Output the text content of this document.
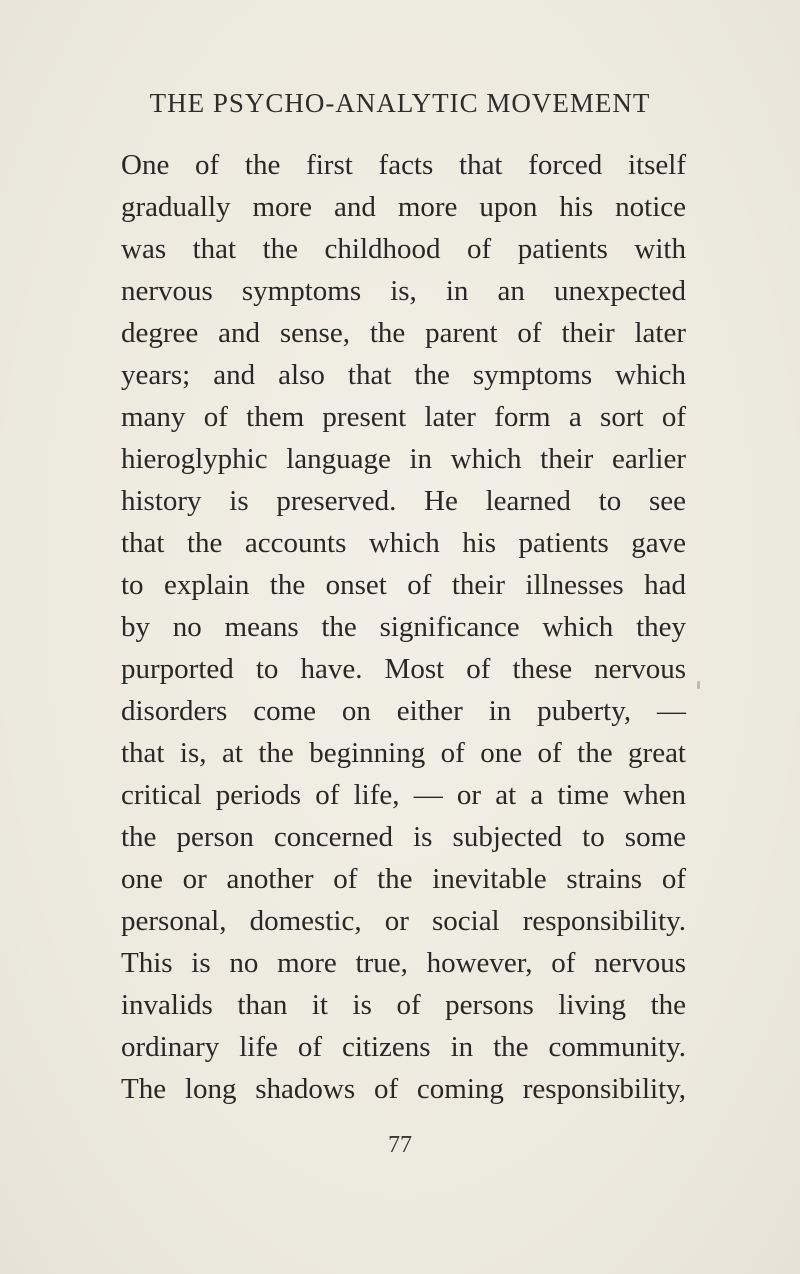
THE PSYCHO-ANALYTIC MOVEMENT
One of the first facts that forced itself
gradually more and more upon his notice
was that the childhood of patients with
nervous symptoms is, in an unexpected
degree and sense, the parent of their later
years; and also that the symptoms which
many of them present later form a sort of
hieroglyphic language in which their earlier
history is preserved. He learned to see
that the accounts which his patients gave
to explain the onset of their illnesses had
by no means the significance which they
purported to have. Most of these nervous
disorders come on either in puberty, —
that is, at the beginning of one of the great
critical periods of life, — or at a time when
the person concerned is subjected to some
one or another of the inevitable strains of
personal, domestic, or social responsibility.
This is no more true, however, of nervous
invalids than it is of persons living the
ordinary life of citizens in the community.
The long shadows of coming responsibility,
77
